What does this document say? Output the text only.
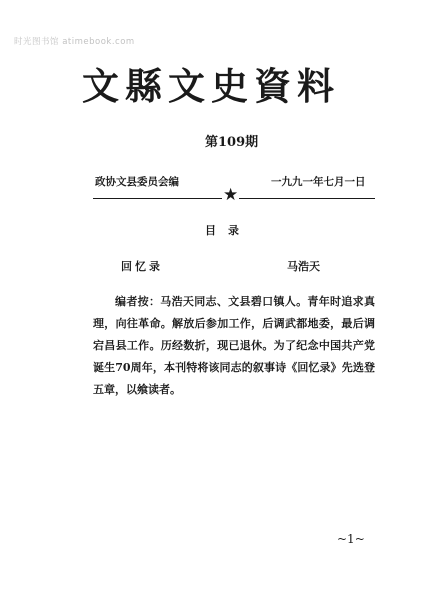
时光图书馆 atimebook.com
文縣文史資料
第109期
政协文县委员会编	一九九一年七月一日
★
目录
回忆录	马浩天
编者按：马浩天同志、文县碧口镇人。青年时追求真理，向往革命。解放后参加工作，后调武都地委，最后调宕昌县工作。历经数折，现已退休。为了纪念中国共产党诞生70周年，本刊特将该同志的叙事诗《回忆录》先选登五章，以飨读者。
~1~
